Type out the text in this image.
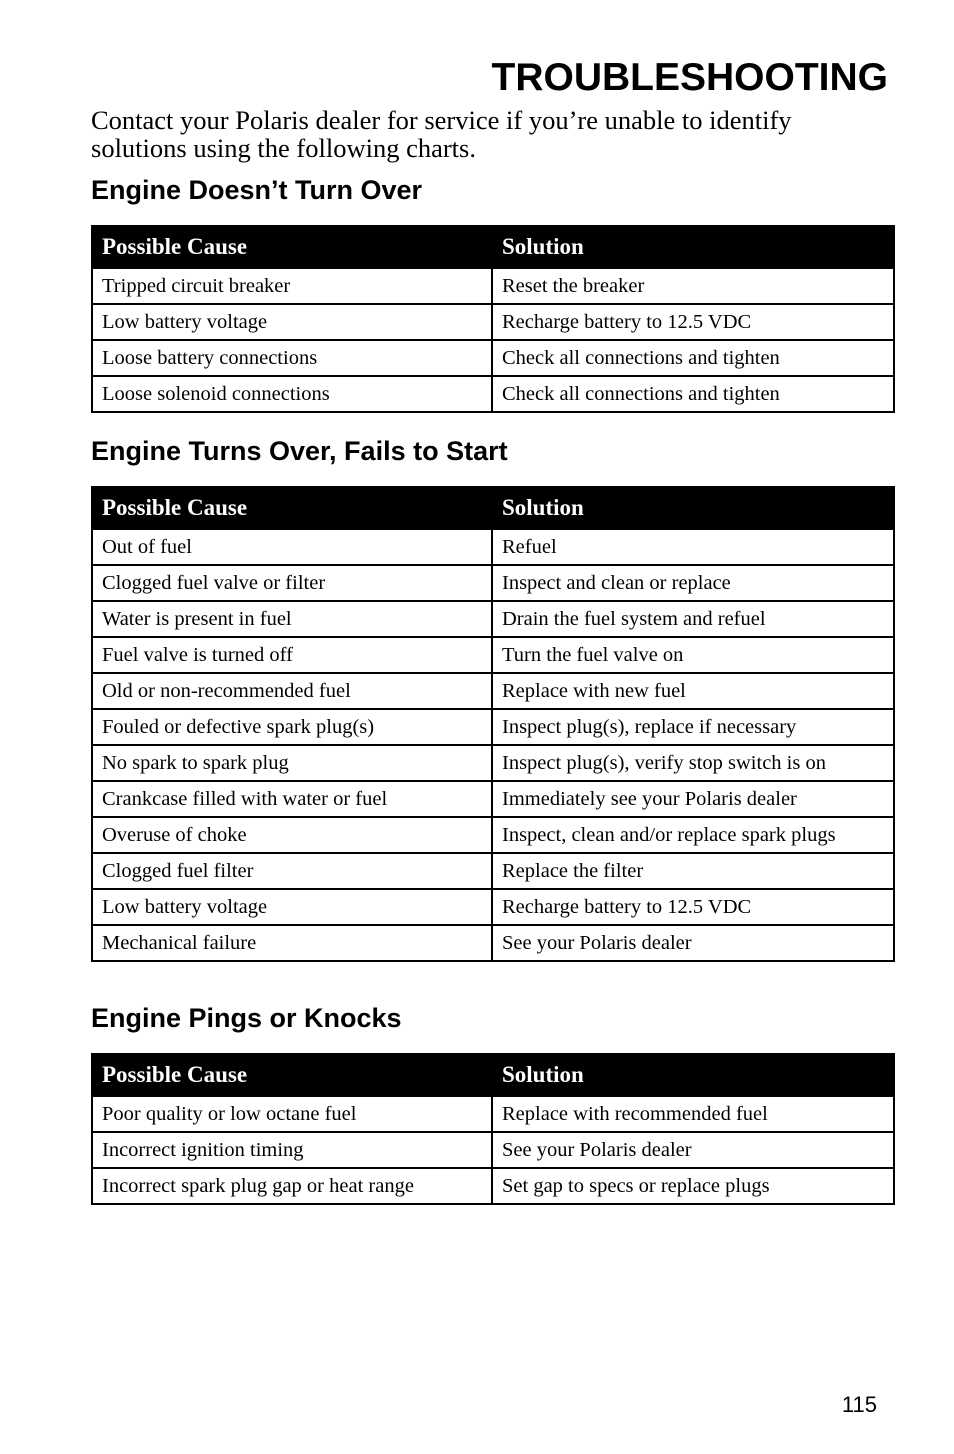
TROUBLESHOOTING

Contact your Polaris dealer for service if you’re unable to identify solutions using the following charts.

Engine Doesn’t Turn Over
Possible Cause	Solution
Tripped circuit breaker	Reset the breaker
Low battery voltage	Recharge battery to 12.5 VDC
Loose battery connections	Check all connections and tighten
Loose solenoid connections	Check all connections and tighten
Engine Turns Over, Fails to Start
Possible Cause	Solution
Out of fuel	Refuel
Clogged fuel valve or filter	Inspect and clean or replace
Water is present in fuel	Drain the fuel system and refuel
Fuel valve is turned off	Turn the fuel valve on
Old or non-recommended fuel	Replace with new fuel
Fouled or defective spark plug(s)	Inspect plug(s), replace if necessary
No spark to spark plug	Inspect plug(s), verify stop switch is on
Crankcase filled with water or fuel	Immediately see your Polaris dealer
Overuse of choke	Inspect, clean and/or replace spark plugs
Clogged fuel filter	Replace the filter
Low battery voltage	Recharge battery to 12.5 VDC
Mechanical failure	See your Polaris dealer
Engine Pings or Knocks
Possible Cause	Solution
Poor quality or low octane fuel	Replace with recommended fuel
Incorrect ignition timing	See your Polaris dealer
Incorrect spark plug gap or heat range	Set gap to specs or replace plugs
115
